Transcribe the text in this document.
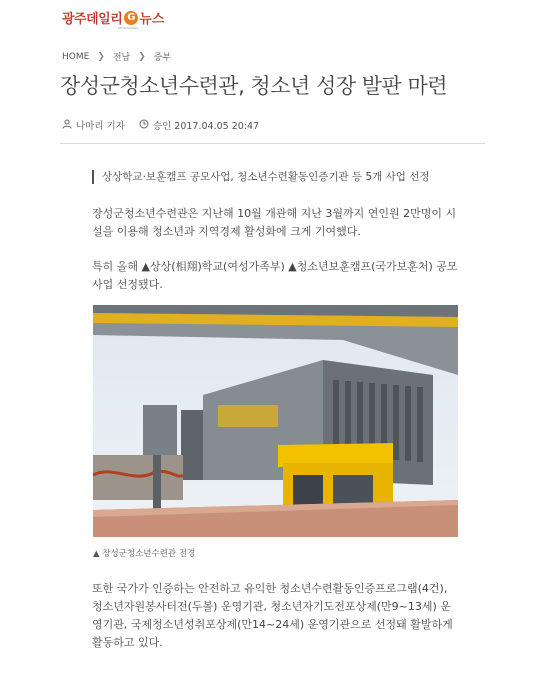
광주데일리 G 뉴스
HOME ❯ 전남 ❯ 중부
장성군청소년수련관, 청소년 성장 발판 마련
나마리 기자	승인 2017.04.05 20:47
상상학교·보훈캠프 공모사업, 청소년수련활동인증기관 등 5개 사업 선정

장성군청소년수련관은 지난해 10월 개관해 지난 3월까지 연인원 2만명이 시설을 이용해 청소년과 지역경제 활성화에 크게 기여했다.

특히 올해 ▲상상(相翔)학교(여성가족부) ▲청소년보훈캠프(국가보훈처) 공모사업 선정됐다.

▲ 장성군청소년수련관 전경

또한 국가가 인증하는 안전하고 유익한 청소년수련활동인증프로그램(4건), 청소년자원봉사터전(두볼) 운영기관, 청소년자기도전포상제(만9~13세) 운영기관, 국제청소년성취포상제(만14~24세) 운영기관으로 선정돼 활발하게 활동하고 있다.
